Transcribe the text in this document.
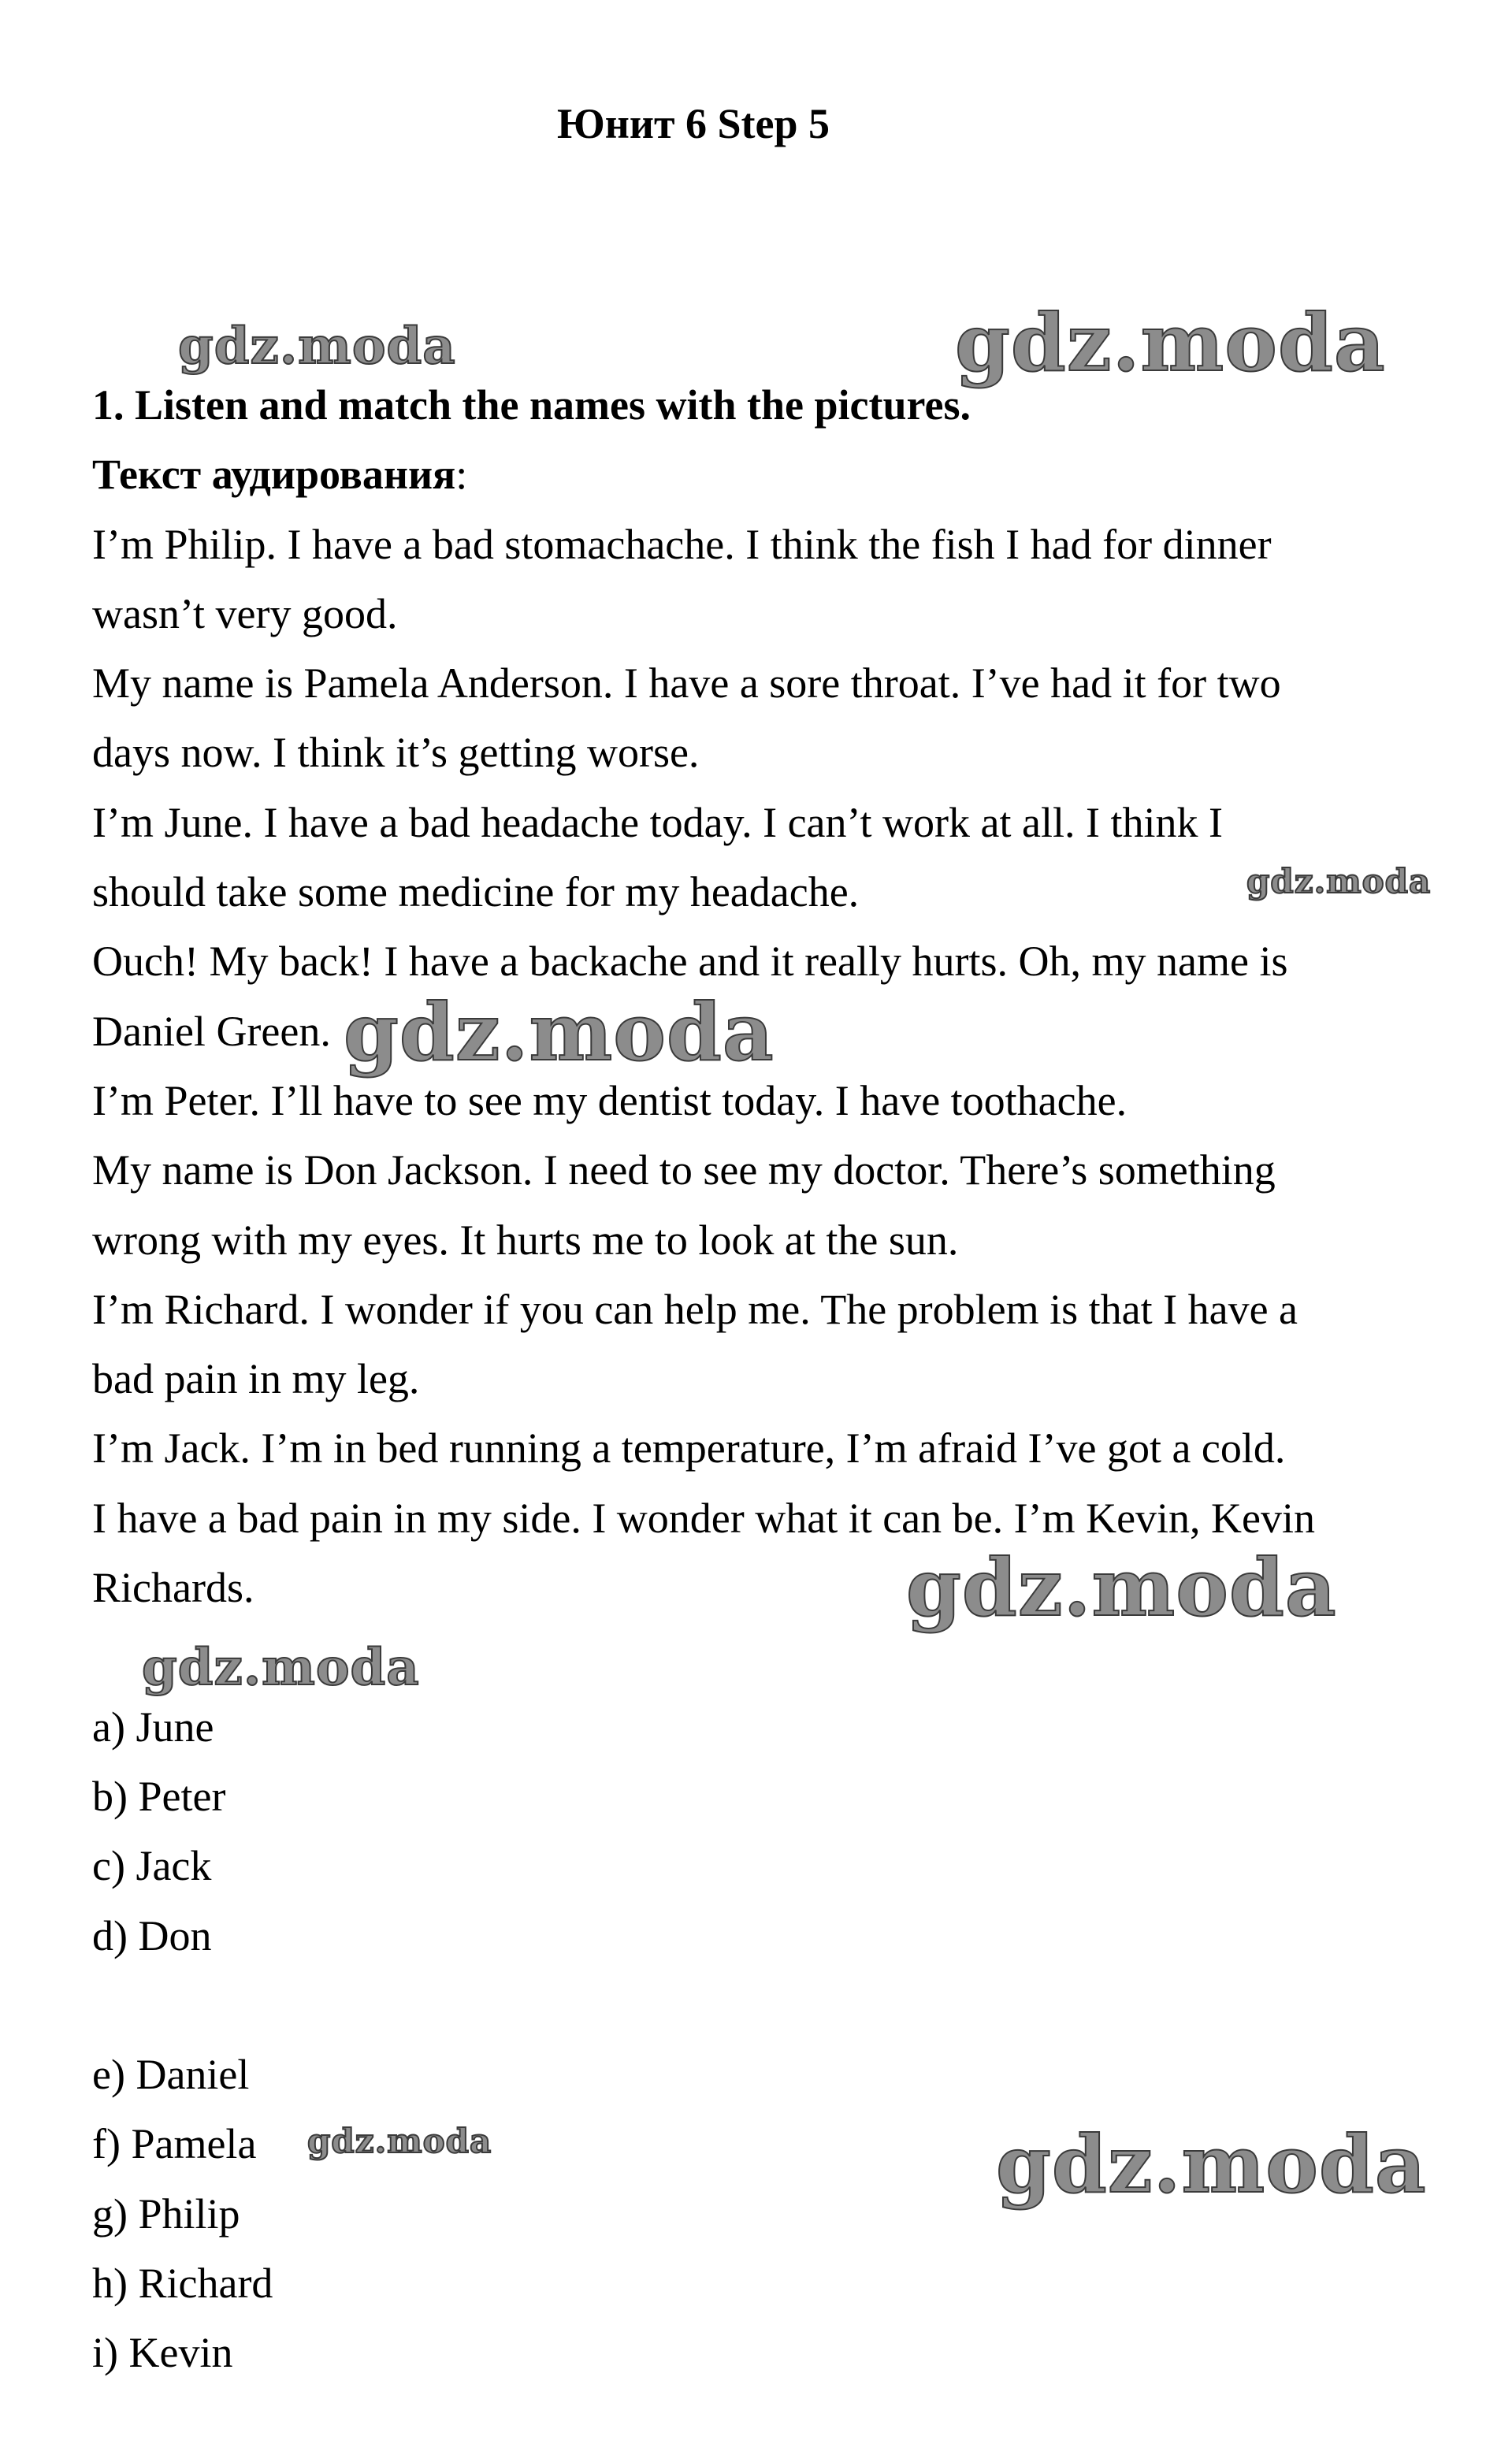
Юнит 6 Step 5
1. Listen and match the names with the pictures.
Текст аудирования:
I’m Philip. I have a bad stomachache. I think the fish I had for dinner
wasn’t very good.
My name is Pamela Anderson. I have a sore throat. I’ve had it for two
days now. I think it’s getting worse.
I’m June. I have a bad headache today. I can’t work at all. I think I
should take some medicine for my headache.
Ouch! My back! I have a backache and it really hurts. Oh, my name is
Daniel Green.
I’m Peter. I’ll have to see my dentist today. I have toothache.
My name is Don Jackson. I need to see my doctor. There’s something
wrong with my eyes. It hurts me to look at the sun.
I’m Richard. I wonder if you can help me. The problem is that I have a
bad pain in my leg.
I’m Jack. I’m in bed running a temperature, I’m afraid I’ve got a cold.
I have a bad pain in my side. I wonder what it can be. I’m Kevin, Kevin
Richards.
a) June
b) Peter
c) Jack
d) Don
e) Daniel
f) Pamela
g) Philip
h) Richard
i) Kevin
gdz.moda	gdz.moda
gdz.moda
gdz.moda
gdz.moda
gdz.moda
gdz.moda	gdz.moda
